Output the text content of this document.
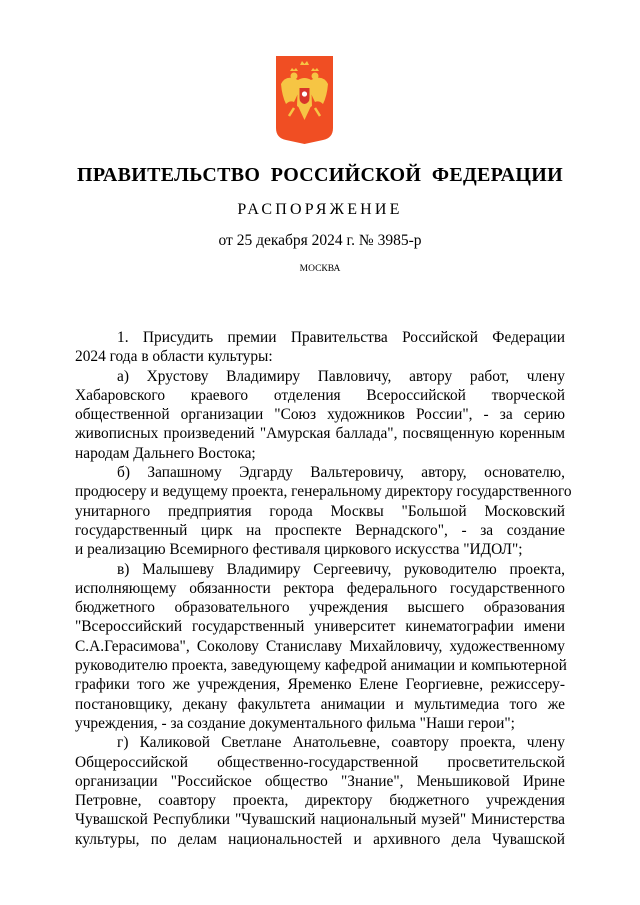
ПРАВИТЕЛЬСТВО  РОССИЙСКОЙ  ФЕДЕРАЦИИ
РАСПОРЯЖЕНИЕ
от 25 декабря 2024 г. № 3985-р
МОСКВА
1. Присудить премии Правительства Российской Федерации
2024 года в области культуры:
а) Хрустову Владимиру Павловичу, автору работ, члену
Хабаровского краевого отделения Всероссийской творческой
общественной организации "Союз художников России", - за серию
живописных произведений "Амурская баллада", посвященную коренным
народам Дальнего Востока;
б) Запашному Эдгарду Вальтеровичу, автору, основателю,
продюсеру и ведущему проекта, генеральному директору государственного
унитарного предприятия города Москвы "Большой Московский
государственный цирк на проспекте Вернадского", - за создание
и реализацию Всемирного фестиваля циркового искусства "ИДОЛ";
в) Малышеву Владимиру Сергеевичу, руководителю проекта,
исполняющему обязанности ректора федерального государственного
бюджетного образовательного учреждения высшего образования
"Всероссийский государственный университет кинематографии имени
С.А.Герасимова", Соколову Станиславу Михайловичу, художественному
руководителю проекта, заведующему кафедрой анимации и компьютерной
графики того же учреждения, Яременко Елене Георгиевне, режиссеру-
постановщику, декану факультета анимации и мультимедиа того же
учреждения, - за создание документального фильма "Наши герои";
г) Каликовой Светлане Анатольевне, соавтору проекта, члену
Общероссийской общественно-государственной просветительской
организации "Российское общество "Знание", Меньшиковой Ирине
Петровне, соавтору проекта, директору бюджетного учреждения
Чувашской Республики "Чувашский национальный музей" Министерства
культуры, по делам национальностей и архивного дела Чувашской
